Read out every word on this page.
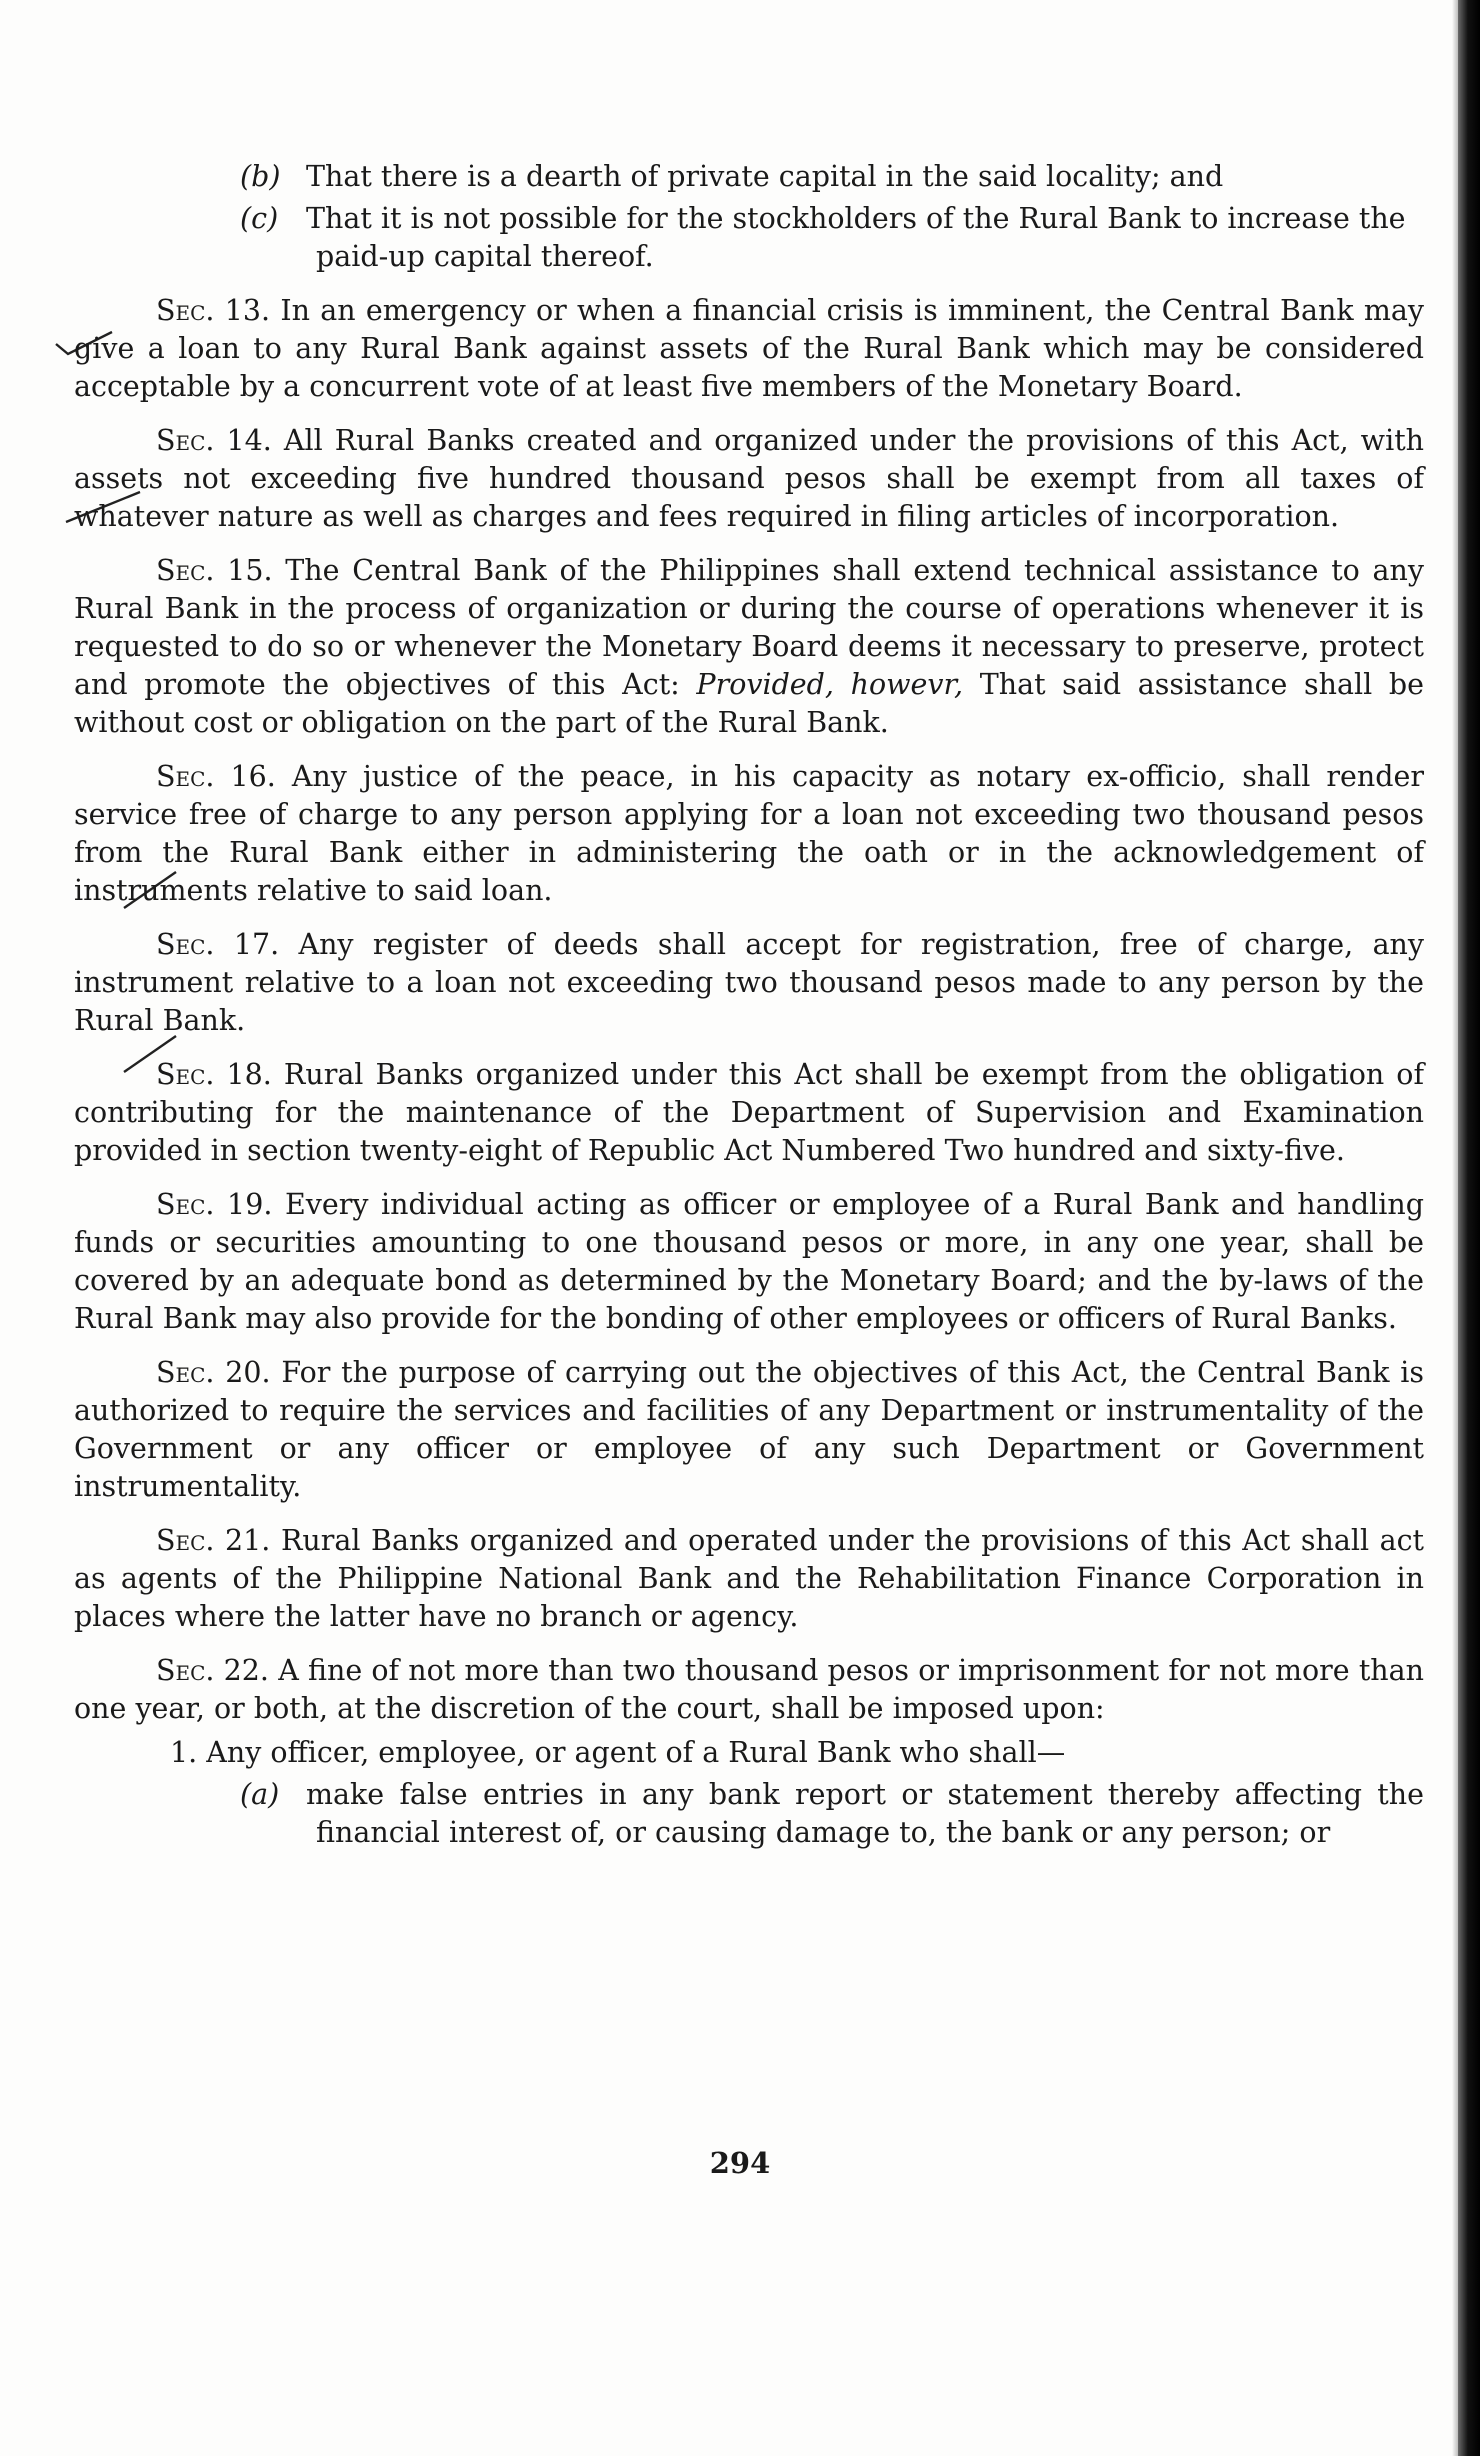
(b) That there is a dearth of private capital in the said locality; and

(c) That it is not possible for the stockholders of the Rural Bank to increase the paid-up capital thereof.

Sec. 13. In an emergency or when a financial crisis is imminent, the Central Bank may give a loan to any Rural Bank against assets of the Rural Bank which may be considered acceptable by a concurrent vote of at least five members of the Monetary Board.

Sec. 14. All Rural Banks created and organized under the provisions of this Act, with assets not exceeding five hundred thousand pesos shall be exempt from all taxes of whatever nature as well as charges and fees required in filing articles of incorporation.

Sec. 15. The Central Bank of the Philippines shall extend technical assistance to any Rural Bank in the process of organization or during the course of operations whenever it is requested to do so or whenever the Monetary Board deems it necessary to preserve, protect and promote the objectives of this Act: Provided, howevr, That said assistance shall be without cost or obligation on the part of the Rural Bank.

Sec. 16. Any justice of the peace, in his capacity as notary ex-officio, shall render service free of charge to any person applying for a loan not exceeding two thousand pesos from the Rural Bank either in administering the oath or in the acknowledgement of instruments relative to said loan.

Sec. 17. Any register of deeds shall accept for registration, free of charge, any instrument relative to a loan not exceeding two thousand pesos made to any person by the Rural Bank.

Sec. 18. Rural Banks organized under this Act shall be exempt from the obligation of contributing for the maintenance of the Department of Supervision and Examination provided in section twenty-eight of Republic Act Numbered Two hundred and sixty-five.

Sec. 19. Every individual acting as officer or employee of a Rural Bank and handling funds or securities amounting to one thousand pesos or more, in any one year, shall be covered by an adequate bond as determined by the Monetary Board; and the by-laws of the Rural Bank may also provide for the bonding of other employees or officers of Rural Banks.

Sec. 20. For the purpose of carrying out the objectives of this Act, the Central Bank is authorized to require the services and facilities of any Department or instrumentality of the Government or any officer or employee of any such Department or Government instrumentality.

Sec. 21. Rural Banks organized and operated under the provisions of this Act shall act as agents of the Philippine National Bank and the Rehabilitation Finance Corporation in places where the latter have no branch or agency.

Sec. 22. A fine of not more than two thousand pesos or imprisonment for not more than one year, or both, at the discretion of the court, shall be imposed upon:

1. Any officer, employee, or agent of a Rural Bank who shall—

(a) make false entries in any bank report or statement thereby affecting the financial interest of, or causing damage to, the bank or any person; or

294
